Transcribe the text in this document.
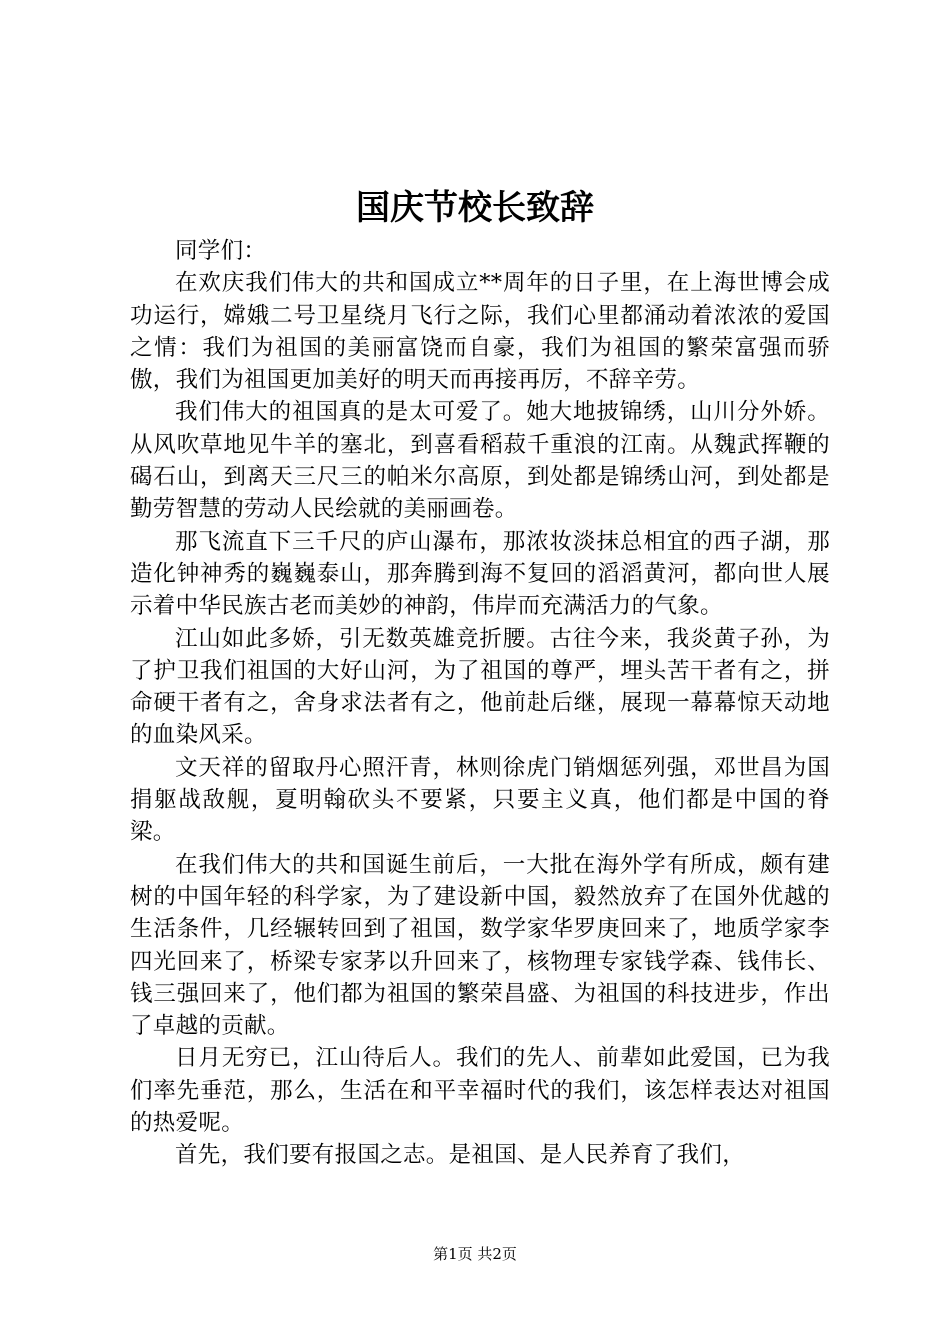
国庆节校长致辞

同学们：

在欢庆我们伟大的共和国成立**周年的日子里，在上海世博会成功运行，嫦娥二号卫星绕月飞行之际，我们心里都涌动着浓浓的爱国之情：我们为祖国的美丽富饶而自豪，我们为祖国的繁荣富强而骄傲，我们为祖国更加美好的明天而再接再厉，不辞辛劳。

我们伟大的祖国真的是太可爱了。她大地披锦绣，山川分外娇。从风吹草地见牛羊的塞北，到喜看稻菽千重浪的江南。从魏武挥鞭的碣石山，到离天三尺三的帕米尔高原，到处都是锦绣山河，到处都是勤劳智慧的劳动人民绘就的美丽画卷。

那飞流直下三千尺的庐山瀑布，那浓妆淡抹总相宜的西子湖，那造化钟神秀的巍巍泰山，那奔腾到海不复回的滔滔黄河，都向世人展示着中华民族古老而美妙的神韵，伟岸而充满活力的气象。

江山如此多娇，引无数英雄竞折腰。古往今来，我炎黄子孙，为了护卫我们祖国的大好山河，为了祖国的尊严，埋头苦干者有之，拼命硬干者有之，舍身求法者有之，他前赴后继，展现一幕幕惊天动地的血染风采。

文天祥的留取丹心照汗青，林则徐虎门销烟惩列强，邓世昌为国捐躯战敌舰，夏明翰砍头不要紧，只要主义真，他们都是中国的脊梁。

在我们伟大的共和国诞生前后，一大批在海外学有所成，颇有建树的中国年轻的科学家，为了建设新中国，毅然放弃了在国外优越的生活条件，几经辗转回到了祖国，数学家华罗庚回来了，地质学家李四光回来了，桥梁专家茅以升回来了，核物理专家钱学森、钱伟长、钱三强回来了，他们都为祖国的繁荣昌盛、为祖国的科技进步，作出了卓越的贡献。

日月无穷已，江山待后人。我们的先人、前辈如此爱国，已为我们率先垂范，那么，生活在和平幸福时代的我们，该怎样表达对祖国的热爱呢。

首先，我们要有报国之志。是祖国、是人民养育了我们，

第1页 共2页
